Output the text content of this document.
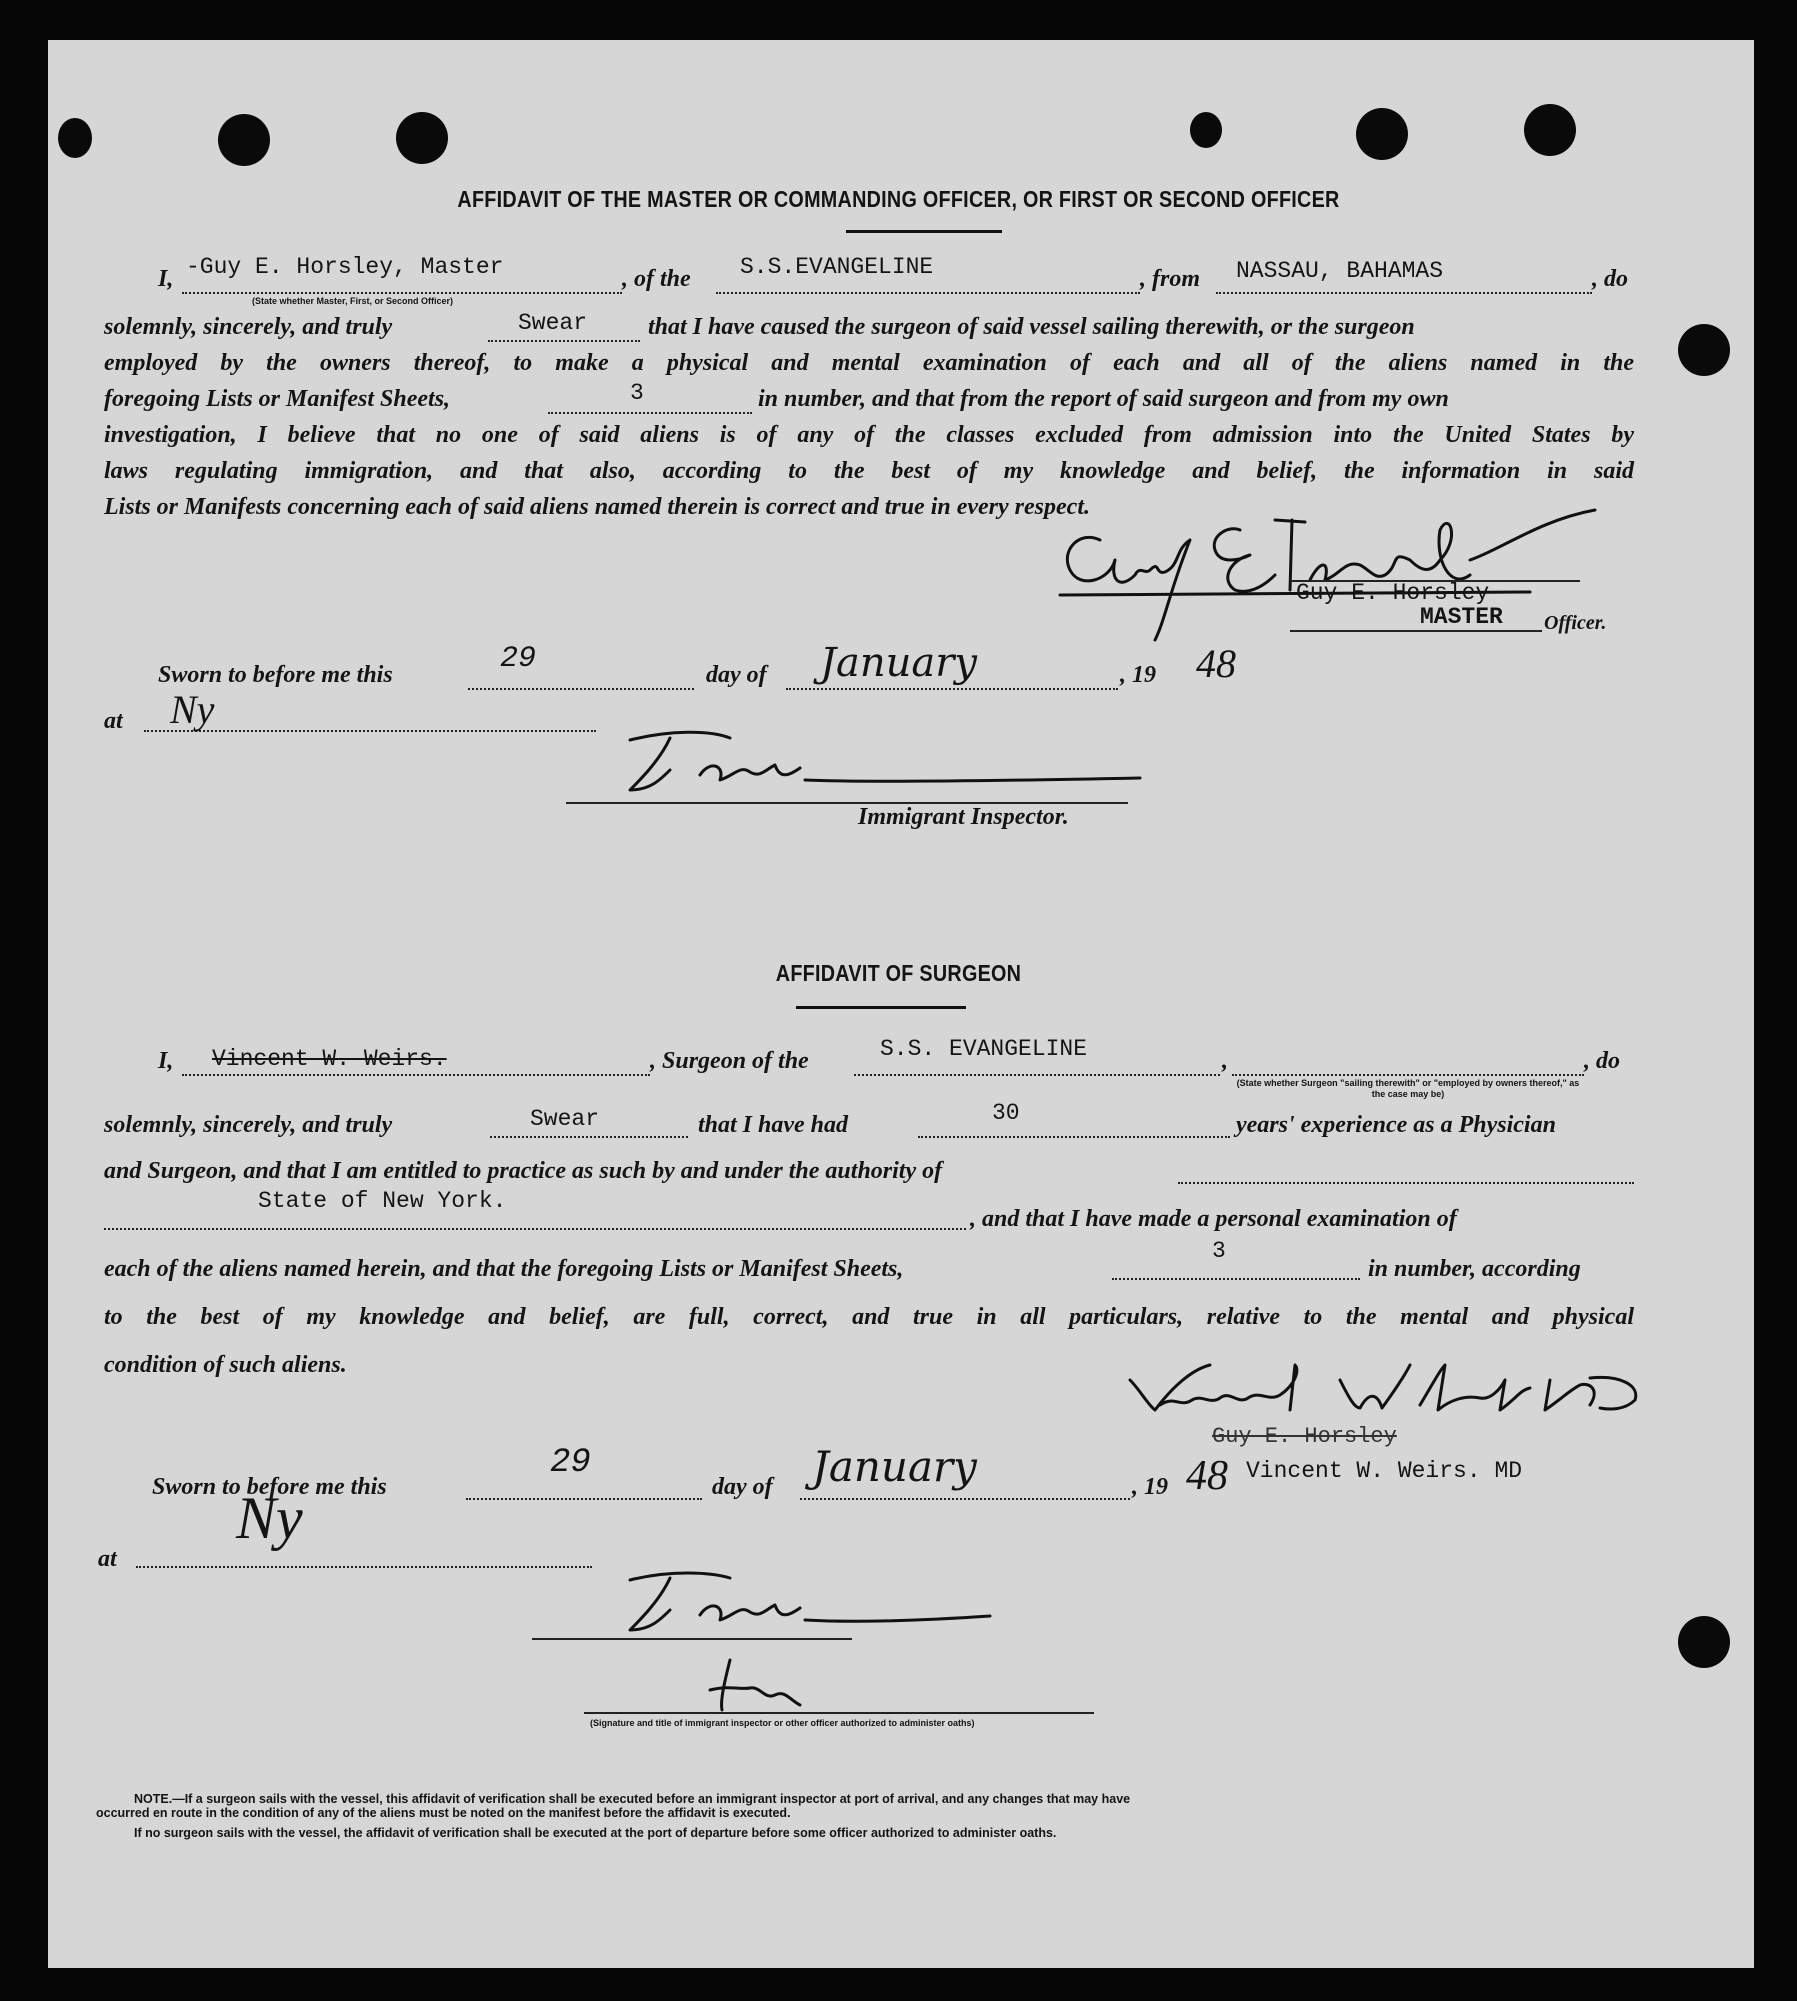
AFFIDAVIT OF THE MASTER OR COMMANDING OFFICER, OR FIRST OR SECOND OFFICER
I, -Guy E. Horsley, Master
(State whether Master, First, or Second Officer)
, of the S.S.EVANGELINE	, from NASSAU, BAHAMAS	, do
solemnly, sincerely, and truly	Swear	that I have caused the surgeon of said vessel sailing therewith, or the surgeon
employed by the owners thereof, to make a physical and mental examination of each and all of the aliens named in the
foregoing Lists or Manifest Sheets,	3	in number, and that from the report of said surgeon and from my own
investigation, I believe that no one of said aliens is of any of the classes excluded from admission into the United States by
laws regulating immigration, and that also, according to the best of my knowledge and belief, the information in said
Lists or Manifests concerning each of said aliens named therein is correct and true in every respect.
Guy E. Horsley
MASTER Officer.
Sworn to before me this	29	day of January	, 19 48
at Ny
Immigrant Inspector.
AFFIDAVIT OF SURGEON
I, Vincent W. Weirs.	, Surgeon of the	S.S. EVANGELINE	,
(State whether Surgeon "sailing therewith" or "employed by owners thereof," as the case may be)
, do
solemnly, sincerely, and truly	Swear	that I have had	30	years' experience as a Physician
and Surgeon, and that I am entitled to practice as such by and under the authority of
State of New York.
, and that I have made a personal examination of
each of the aliens named herein, and that the foregoing Lists or Manifest Sheets,
3
in number, according
to the best of my knowledge and belief, are full, correct, and true in all particulars, relative to the mental and physical
condition of such aliens.
Guy E. Horsley
Vincent W. Weirs. MD
Sworn to before me this
29
day of January	, 19 48
at
Ny
(Signature and title of immigrant inspector or other officer authorized to administer oaths)
NOTE.—If a surgeon sails with the vessel, this affidavit of verification shall be executed before an immigrant inspector at port of arrival, and any changes that may have
occurred en route in the condition of any of the aliens must be noted on the manifest before the affidavit is executed.
If no surgeon sails with the vessel, the affidavit of verification shall be executed at the port of departure before some officer authorized to administer oaths.
